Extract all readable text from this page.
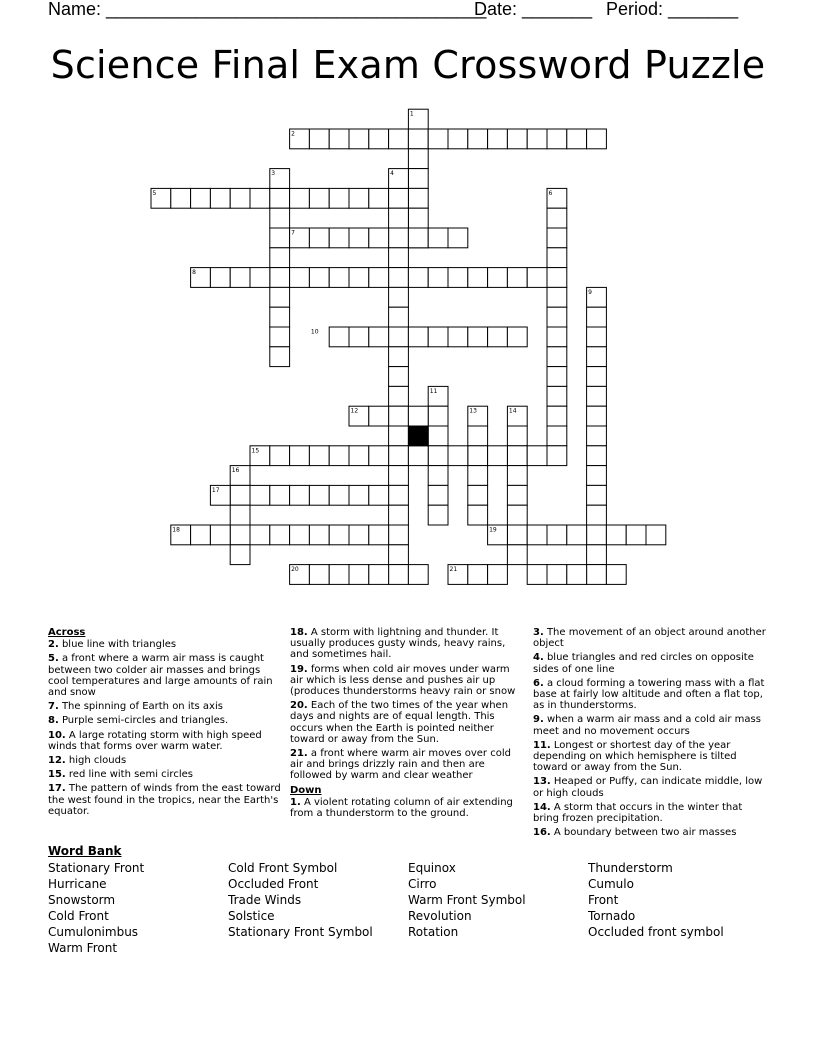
Name: ______________________________________
Date: _______ Period: _______
Science Final Exam Crossword Puzzle
1
2
3	4
5	6
7
8
9
10
11
12	13	14
15
16
17
18	19
20	21
Across
2. blue line with triangles
5. a front where a warm air mass is caught between two colder air masses and brings cool temperatures and large amounts of rain and snow
7. The spinning of Earth on its axis
8. Purple semi-circles and triangles.
10. A large rotating storm with high speed winds that forms over warm water.
12. high clouds
15. red line with semi circles
17. The pattern of winds from the east toward the west found in the tropics, near the Earth's equator.
18. A storm with lightning and thunder. It usually produces gusty winds, heavy rains, and sometimes hail.
19. forms when cold air moves under warm air which is less dense and pushes air up (produces thunderstorms heavy rain or snow
20. Each of the two times of the year when days and nights are of equal length. This occurs when the Earth is pointed neither toward or away from the Sun.
21. a front where warm air moves over cold air and brings drizzly rain and then are followed by warm and clear weather
Down
1. A violent rotating column of air extending from a thunderstorm to the ground.
3. The movement of an object around another object
4. blue triangles and red circles on opposite sides of one line
6. a cloud forming a towering mass with a flat base at fairly low altitude and often a flat top, as in thunderstorms.
9. when a warm air mass and a cold air mass meet and no movement occurs
11. Longest or shortest day of the year depending on which hemisphere is tilted toward or away from the Sun.
13. Heaped or Puffy, can indicate middle, low or high clouds
14. A storm that occurs in the winter that bring frozen precipitation.
16. A boundary between two air masses
Word Bank
Stationary Front
Hurricane
Snowstorm
Cold Front
Cumulonimbus
Warm Front
Cold Front Symbol
Occluded Front
Trade Winds
Solstice
Stationary Front Symbol
Equinox
Cirro
Warm Front Symbol
Revolution
Rotation
Thunderstorm
Cumulo
Front
Tornado
Occluded front symbol
